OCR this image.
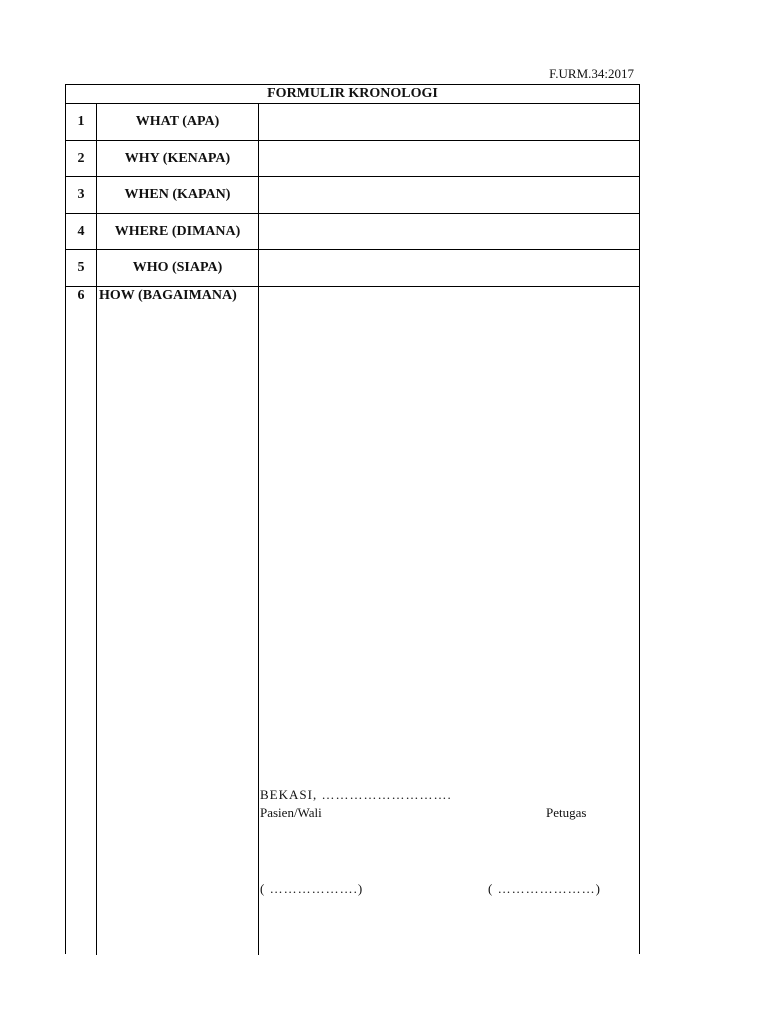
F.URM.34:2017
FORMULIR KRONOLOGI
1	WHAT (APA)
2	WHY (KENAPA)
3	WHEN (KAPAN)
4	WHERE (DIMANA)
5	WHO (SIAPA)
6	HOW (BAGAIMANA)
BEKASI, ……………………….
Pasien/Wali	Petugas
( ……………….)	( …………………)
